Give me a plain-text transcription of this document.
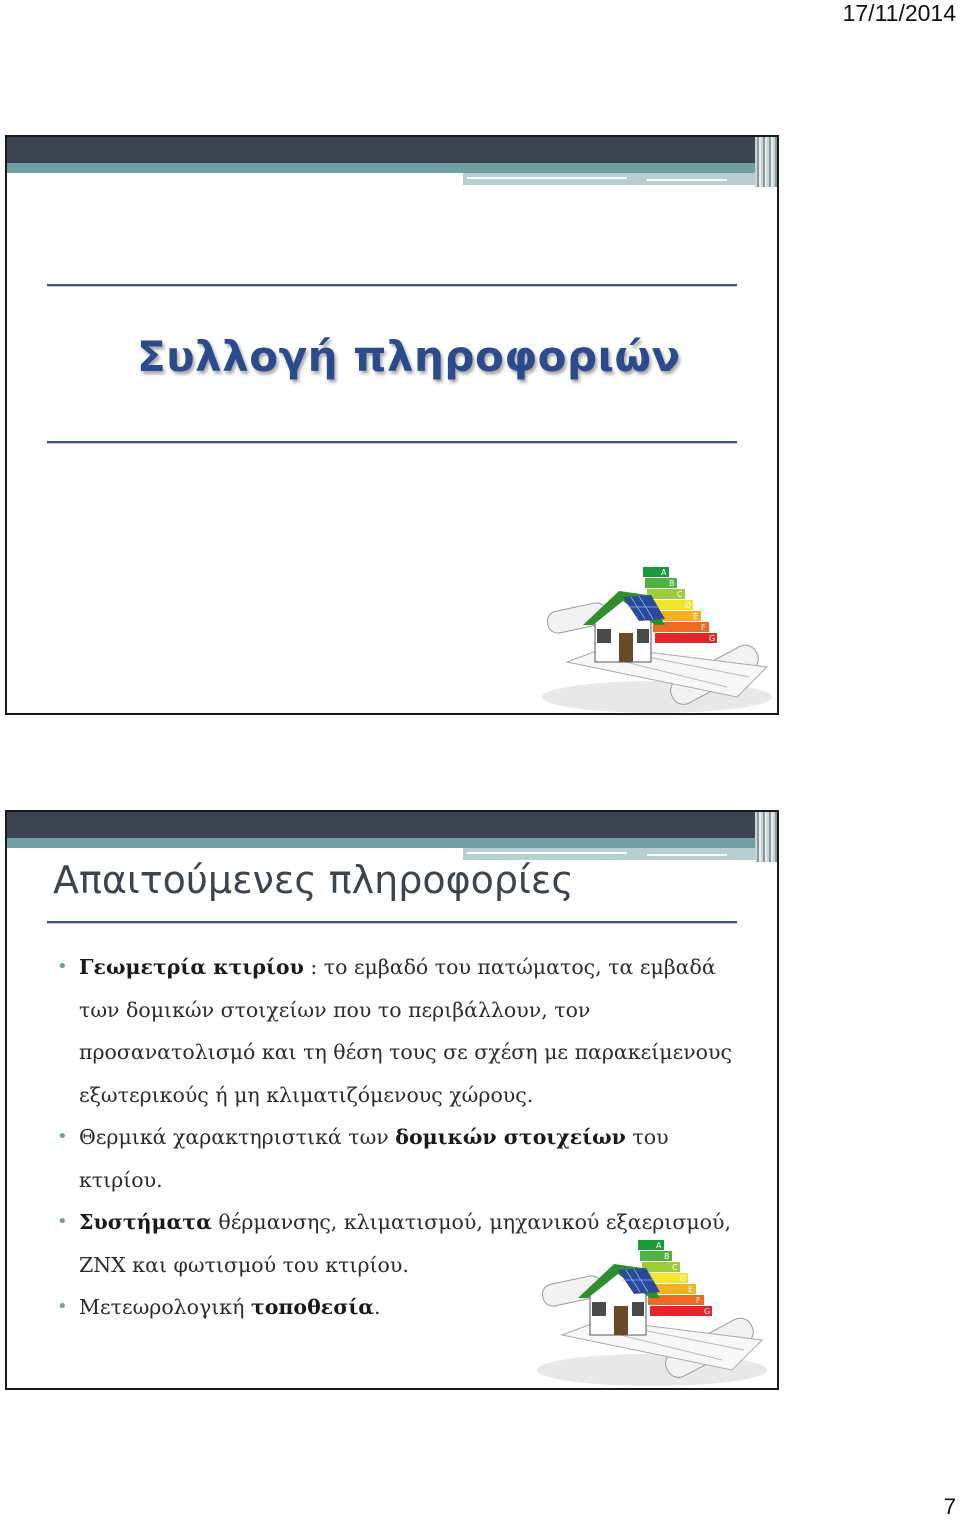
17/11/2014
Συλλογή πληροφοριών
A
B
C
D
E
F
G
Απαιτούμενες πληροφορίες
• Γεωμετρία κτιρίου : το εμβαδό του πατώματος, τα εμβαδά των δομικών στοιχείων που το περιβάλλουν, τον προσανατολισμό και τη θέση τους σε σχέση με παρακείμενους εξωτερικούς ή μη κλιματιζόμενους χώρους.
• Θερμικά χαρακτηριστικά των δομικών στοιχείων του κτιρίου.
• Συστήματα θέρμανσης, κλιματισμού, μηχανικού εξαερισμού, ΖΝΧ και φωτισμού του κτιρίου.
• Μετεωρολογική τοποθεσία.
A
B
C
D
E
F
G
7
